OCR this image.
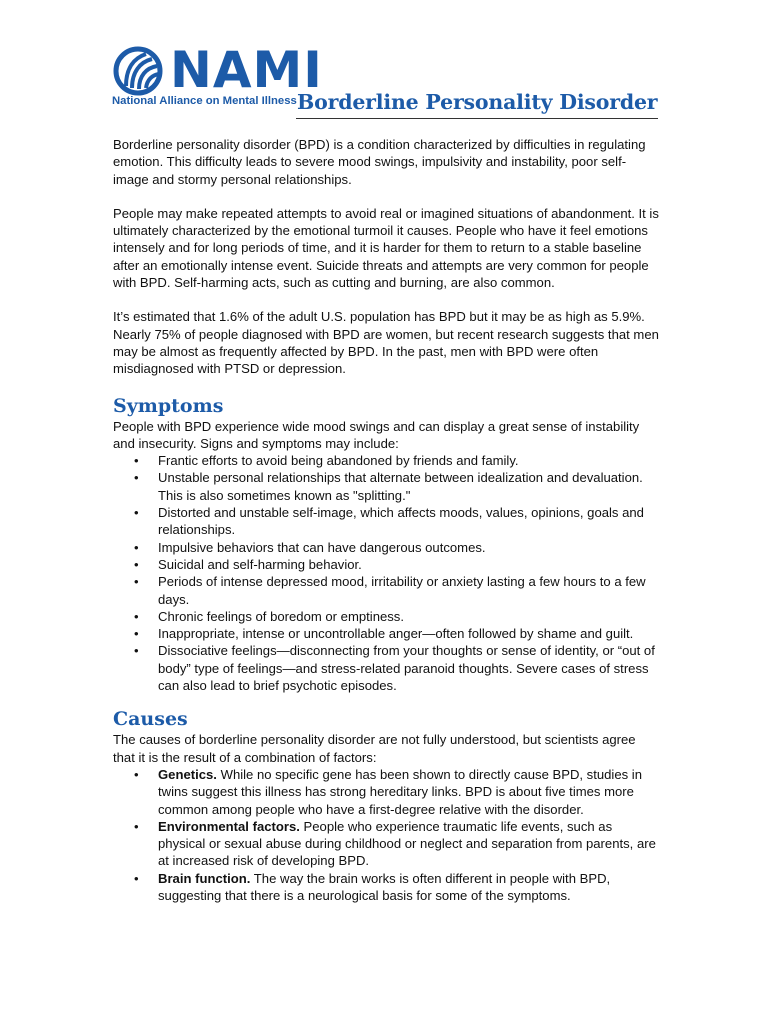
NAMI
National Alliance on Mental Illness Borderline Personality Disorder

Borderline personality disorder (BPD) is a condition characterized by difficulties in regulating emotion. This difficulty leads to severe mood swings, impulsivity and instability, poor self-image and stormy personal relationships.

People may make repeated attempts to avoid real or imagined situations of abandonment. It is ultimately characterized by the emotional turmoil it causes. People who have it feel emotions intensely and for long periods of time, and it is harder for them to return to a stable baseline after an emotionally intense event. Suicide threats and attempts are very common for people with BPD. Self-harming acts, such as cutting and burning, are also common.

It’s estimated that 1.6% of the adult U.S. population has BPD but it may be as high as 5.9%. Nearly 75% of people diagnosed with BPD are women, but recent research suggests that men may be almost as frequently affected by BPD. In the past, men with BPD were often misdiagnosed with PTSD or depression.

Symptoms

People with BPD experience wide mood swings and can display a great sense of instability and insecurity. Signs and symptoms may include:

• Frantic efforts to avoid being abandoned by friends and family.
• Unstable personal relationships that alternate between idealization and devaluation. This is also sometimes known as "splitting."
• Distorted and unstable self-image, which affects moods, values, opinions, goals and relationships.
• Impulsive behaviors that can have dangerous outcomes.
• Suicidal and self-harming behavior.
• Periods of intense depressed mood, irritability or anxiety lasting a few hours to a few days.
• Chronic feelings of boredom or emptiness.
• Inappropriate, intense or uncontrollable anger—often followed by shame and guilt.
• Dissociative feelings—disconnecting from your thoughts or sense of identity, or “out of body” type of feelings—and stress-related paranoid thoughts. Severe cases of stress can also lead to brief psychotic episodes.
Causes

The causes of borderline personality disorder are not fully understood, but scientists agree that it is the result of a combination of factors:

• Genetics. While no specific gene has been shown to directly cause BPD, studies in twins suggest this illness has strong hereditary links. BPD is about five times more common among people who have a first-degree relative with the disorder.
• Environmental factors. People who experience traumatic life events, such as physical or sexual abuse during childhood or neglect and separation from parents, are at increased risk of developing BPD.
• Brain function. The way the brain works is often different in people with BPD, suggesting that there is a neurological basis for some of the symptoms.
